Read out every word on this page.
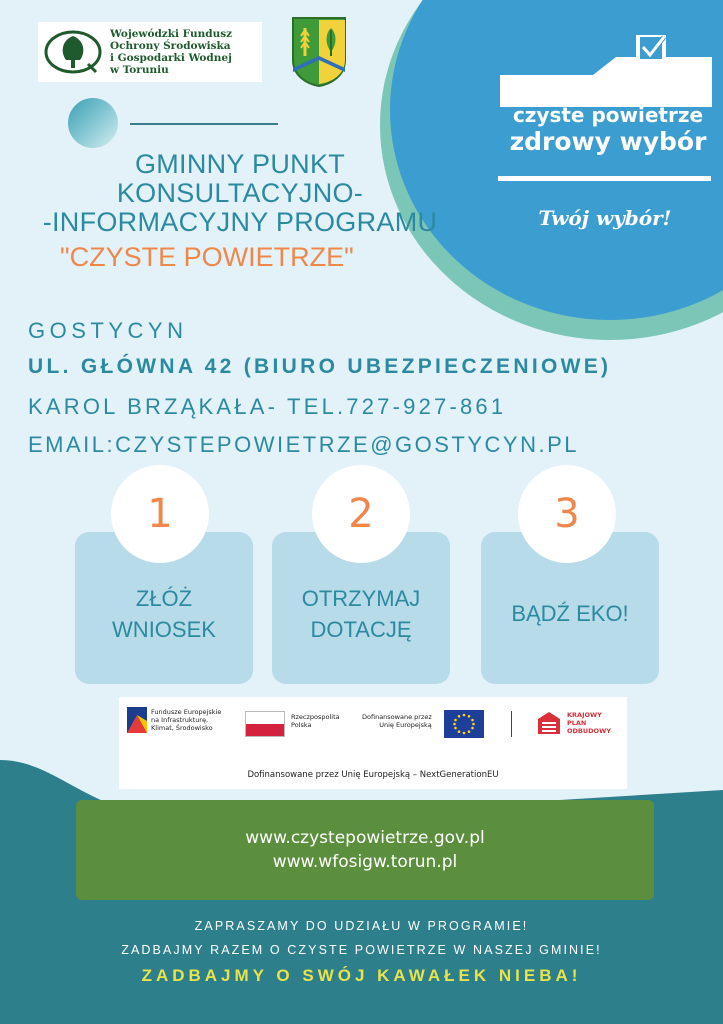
czyste powietrze
zdrowy wybór
Twój wybór!
Wojewódzki Fundusz
Ochrony Środowiska
i Gospodarki Wodnej
w Toruniu
GMINNY PUNKT
KONSULTACYJNO-
-INFORMACYJNY PROGRAMU
"CZYSTE POWIETRZE"
GOSTYCYN
UL. GŁÓWNA 42 (BIURO UBEZPIECZENIOWE)
KAROL BRZĄKAŁA- TEL.727-927-861
EMAIL:CZYSTEPOWIETRZE@GOSTYCYN.PL
1	2	3
ZŁÓŻ
WNIOSEK
OTRZYMAJ
DOTACJĘ
BĄDŹ EKO!
Fundusze Europejskie
na Infrastrukturę,
Klimat, Środowisko
Rzeczpospolita
Polska
Dofinansowane przez
Unię Europejską
KRAJOWY
PLAN
ODBUDOWY
Dofinansowane przez Unię Europejską – NextGenerationEU
www.czystepowietrze.gov.pl
www.wfosigw.torun.pl
ZAPRASZAMY DO UDZIAŁU W PROGRAMIE!
ZADBAJMY RAZEM O CZYSTE POWIETRZE W NASZEJ GMINIE!
ZADBAJMY O SWÓJ KAWAŁEK NIEBA!
